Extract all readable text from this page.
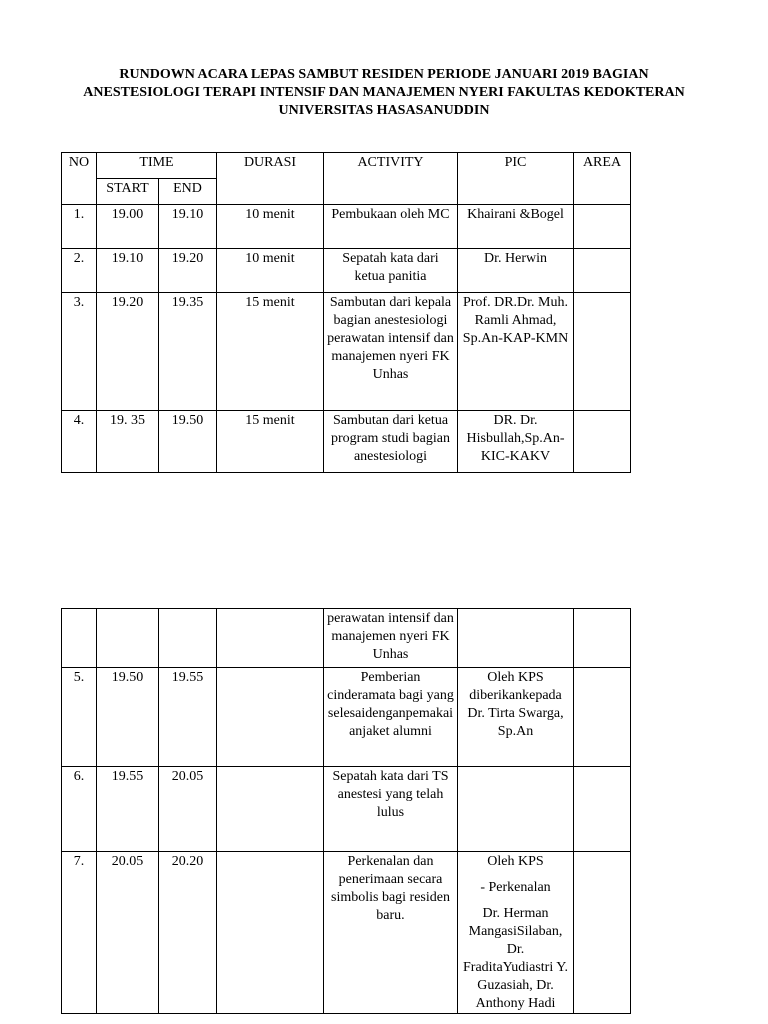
RUNDOWN ACARA LEPAS SAMBUT RESIDEN PERIODE JANUARI 2019 BAGIAN
ANESTESIOLOGI TERAPI INTENSIF DAN MANAJEMEN NYERI FAKULTAS KEDOKTERAN
UNIVERSITAS HASASANUDDIN
NO	TIME		DURASI	ACTIVITY	PIC	AREA
	START	END				
1.	19.00	19.10	10 menit	Pembukaan oleh MC	Khairani &Bogel	

2.	19.10	19.20	10 menit	Sepatah kata dari ketua panitia	Dr. Herwin	

3.	19.20	19.35	15 menit	Sambutan dari kepala bagian anestesiologi perawatan intensif dan manajemen nyeri FK Unhas	Prof. DR.Dr. Muh. Ramli Ahmad, Sp.An-KAP-KMN	

4.	19. 35	19.50	15 menit	Sambutan dari ketua program studi bagian anestesiologi	DR. Dr. Hisbullah,Sp.An-KIC-KAKV	

				perawatan intensif dan manajemen nyeri FK Unhas		
5.	19.50	19.55		Pemberian cinderamata bagi yang selesaidenganpemakaianjaket alumni	Oleh KPS diberikankepada Dr. Tirta Swarga, Sp.An	

6.	19.55	20.05		Sepatah kata dari TS anestesi yang telah lulus		
7.	20.05	20.20		Perkenalan dan penerimaan secara simbolis bagi residen baru.	Oleh KPS
- Perkenalan
Dr. Herman MangasiSilaban, Dr. FraditaYudiastri Y. Guzasiah, Dr. Anthony Hadi	
